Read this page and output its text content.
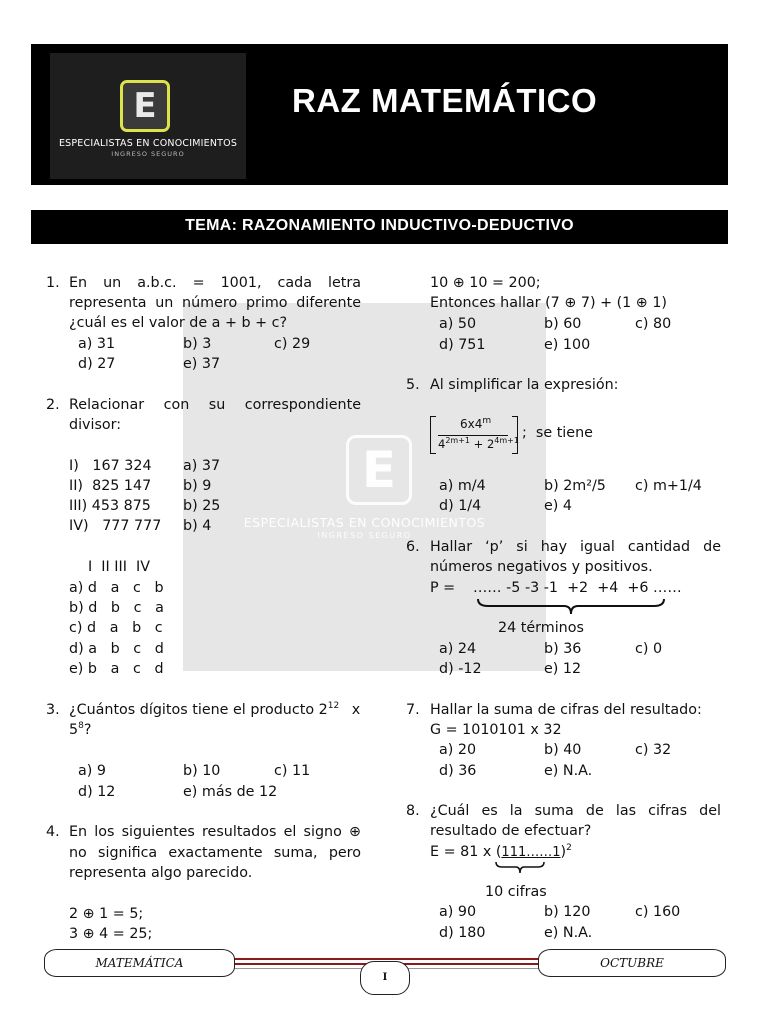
E
ESPECIALISTAS EN CONOCIMIENTOS
INGRESO SEGURO
RAZ MATEMÁTICO
TEMA: RAZONAMIENTO INDUCTIVO-DEDUCTIVO
E
ESPECIALISTAS EN CONOCIMIENTOS
INGRESO SEGURO
1. En un a.b.c. = 1001, cada letra
representa un número primo diferente
¿cuál es el valor de a + b + c?
a) 31	b) 3	c) 29
d) 27	e) 37
2. Relacionar con su correspondiente
divisor:
I)   167 324 a) 37
II)  825 147 b) 9
III) 453 875 b) 25
IV)   777 777 b) 4
I  II III  IV
a) d   a   c   b
b) d   b   c   a
c) d   a   b   c
d) a   b   c   d
e) b   a   c   d
3. ¿Cuántos dígitos tiene el producto $2^{12}$ x
$5^8$?
a) 9	b) 10	c) 11
d) 12	e) más de 12
4. En los siguientes resultados el signo ⊕
no significa exactamente suma, pero
representa algo parecido.
2 ⊕ 1 = 5;
3 ⊕ 4 = 25;
10 ⊕ 10 = 200;
Entonces hallar (7 ⊕ 7) + (1 ⊕ 1)
a) 50	b) 60	c) 80
d) 751	e) 100
5. Al simplificar la expresión:
6x4$^m$
$4^{2m+1} + 2^{4m+1}$ ;  se tiene
a) m/4	b) 2m²/5 c) m+1/4
d) 1/4	e) 4
6. Hallar ‘p’ si hay igual cantidad de
números negativos y positivos.
P = …… -5 -3 -1  +2  +4  +6 ……
24 términos
a) 24	b) 36	c) 0
d) -12	e) 12
7. Hallar la suma de cifras del resultado:
G = 1010101 x 32
a) 20	b) 40	c) 32
d) 36	e) N.A.
8. ¿Cuál es la suma de las cifras del
resultado de efectuar?
E = 81 x (111……1)$^2$
10 cifras
a) 90	b) 120	c) 160
d) 180	e) N.A.
MATEMÁTICA	OCTUBRE
I
